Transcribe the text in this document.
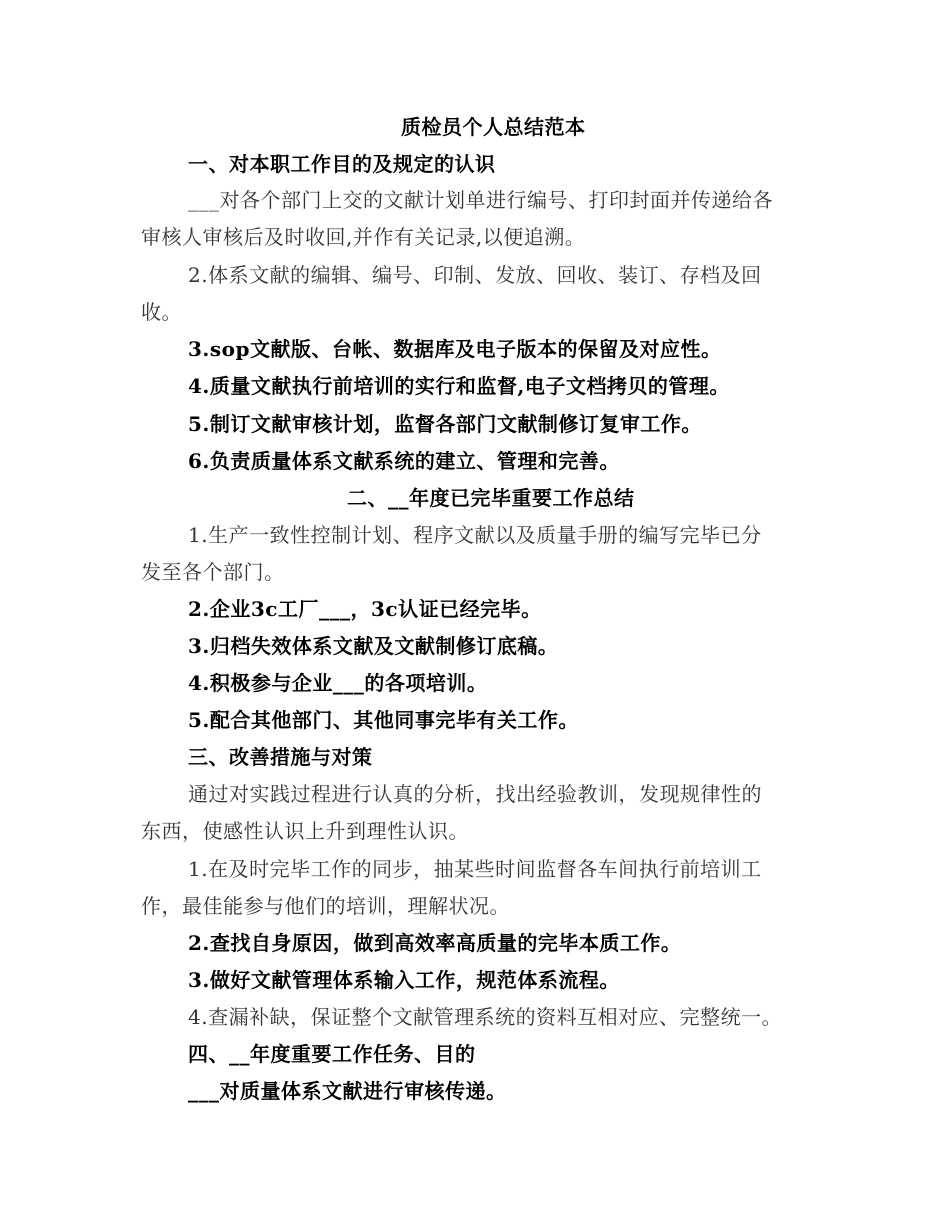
质检员个人总结范本
一、对本职工作目的及规定的认识
___对各个部门上交的文献计划单进行编号、打印封面并传递给各
审核人审核后及时收回,并作有关记录,以便追溯。
2.体系文献的编辑、编号、印制、发放、回收、装订、存档及回
收。
3.sop文献版、台帐、数据库及电子版本的保留及对应性。
4.质量文献执行前培训的实行和监督,电子文档拷贝的管理。
5.制订文献审核计划，监督各部门文献制修订复审工作。
6.负责质量体系文献系统的建立、管理和完善。
二、__年度已完毕重要工作总结
1.生产一致性控制计划、程序文献以及质量手册的编写完毕已分
发至各个部门。
2.企业3c工厂___，3c认证已经完毕。
3.归档失效体系文献及文献制修订底稿。
4.积极参与企业___的各项培训。
5.配合其他部门、其他同事完毕有关工作。
三、改善措施与对策
通过对实践过程进行认真的分析，找出经验教训，发现规律性的
东西，使感性认识上升到理性认识。
1.在及时完毕工作的同步，抽某些时间监督各车间执行前培训工
作，最佳能参与他们的培训，理解状况。
2.查找自身原因，做到高效率高质量的完毕本质工作。
3.做好文献管理体系输入工作，规范体系流程。
4.查漏补缺，保证整个文献管理系统的资料互相对应、完整统一。
四、__年度重要工作任务、目的
___对质量体系文献进行审核传递。
